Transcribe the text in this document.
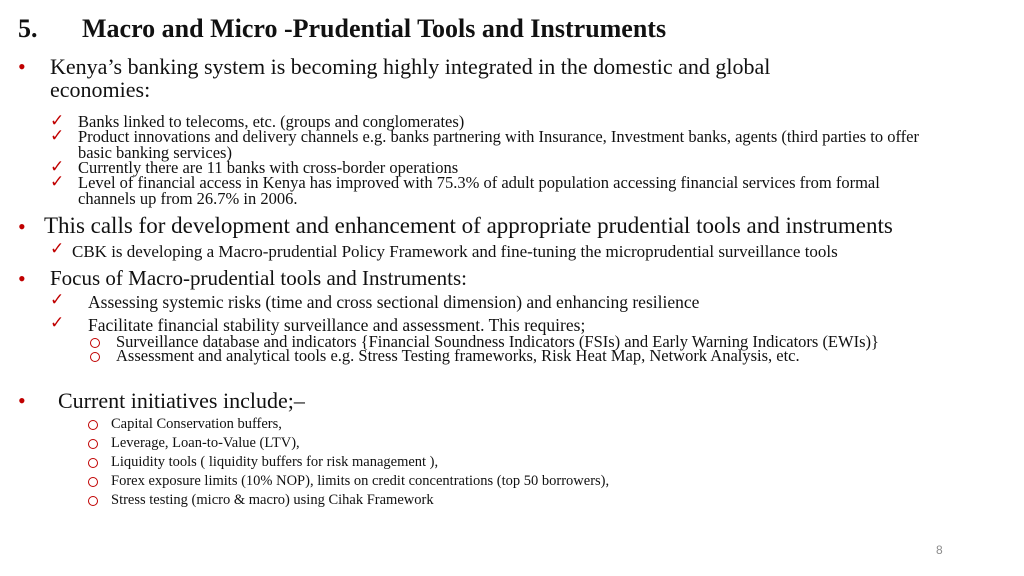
5. Macro and Micro -Prudential Tools and Instruments
• Kenya’s banking system is becoming highly integrated in the domestic and global
economies:
✓ Banks linked to telecoms, etc. (groups and conglomerates)
✓ Product innovations and delivery channels e.g. banks partnering with Insurance, Investment banks, agents (third parties to offer
basic banking services)
✓ Currently there are 11 banks with cross-border operations
✓ Level of financial access in Kenya has improved with 75.3% of adult population accessing financial services from formal
channels up from 26.7% in 2006.
• This calls for development and enhancement of appropriate prudential tools and instruments
✓ CBK is developing a Macro-prudential Policy Framework and fine-tuning the microprudential surveillance tools
• Focus of Macro-prudential tools and Instruments:
✓ Assessing systemic risks (time and cross sectional dimension) and enhancing resilience
✓ Facilitate financial stability surveillance and assessment. This requires;
Surveillance database and indicators {Financial Soundness Indicators (FSIs) and Early Warning Indicators (EWIs)}
Assessment and analytical tools e.g. Stress Testing frameworks, Risk Heat Map, Network Analysis, etc.
• Current initiatives include;–
Capital Conservation buffers,
Leverage, Loan-to-Value (LTV),
Liquidity tools ( liquidity buffers for risk management ),
Forex exposure limits (10% NOP), limits on credit concentrations (top 50 borrowers),
Stress testing (micro & macro) using Cihak Framework
8
